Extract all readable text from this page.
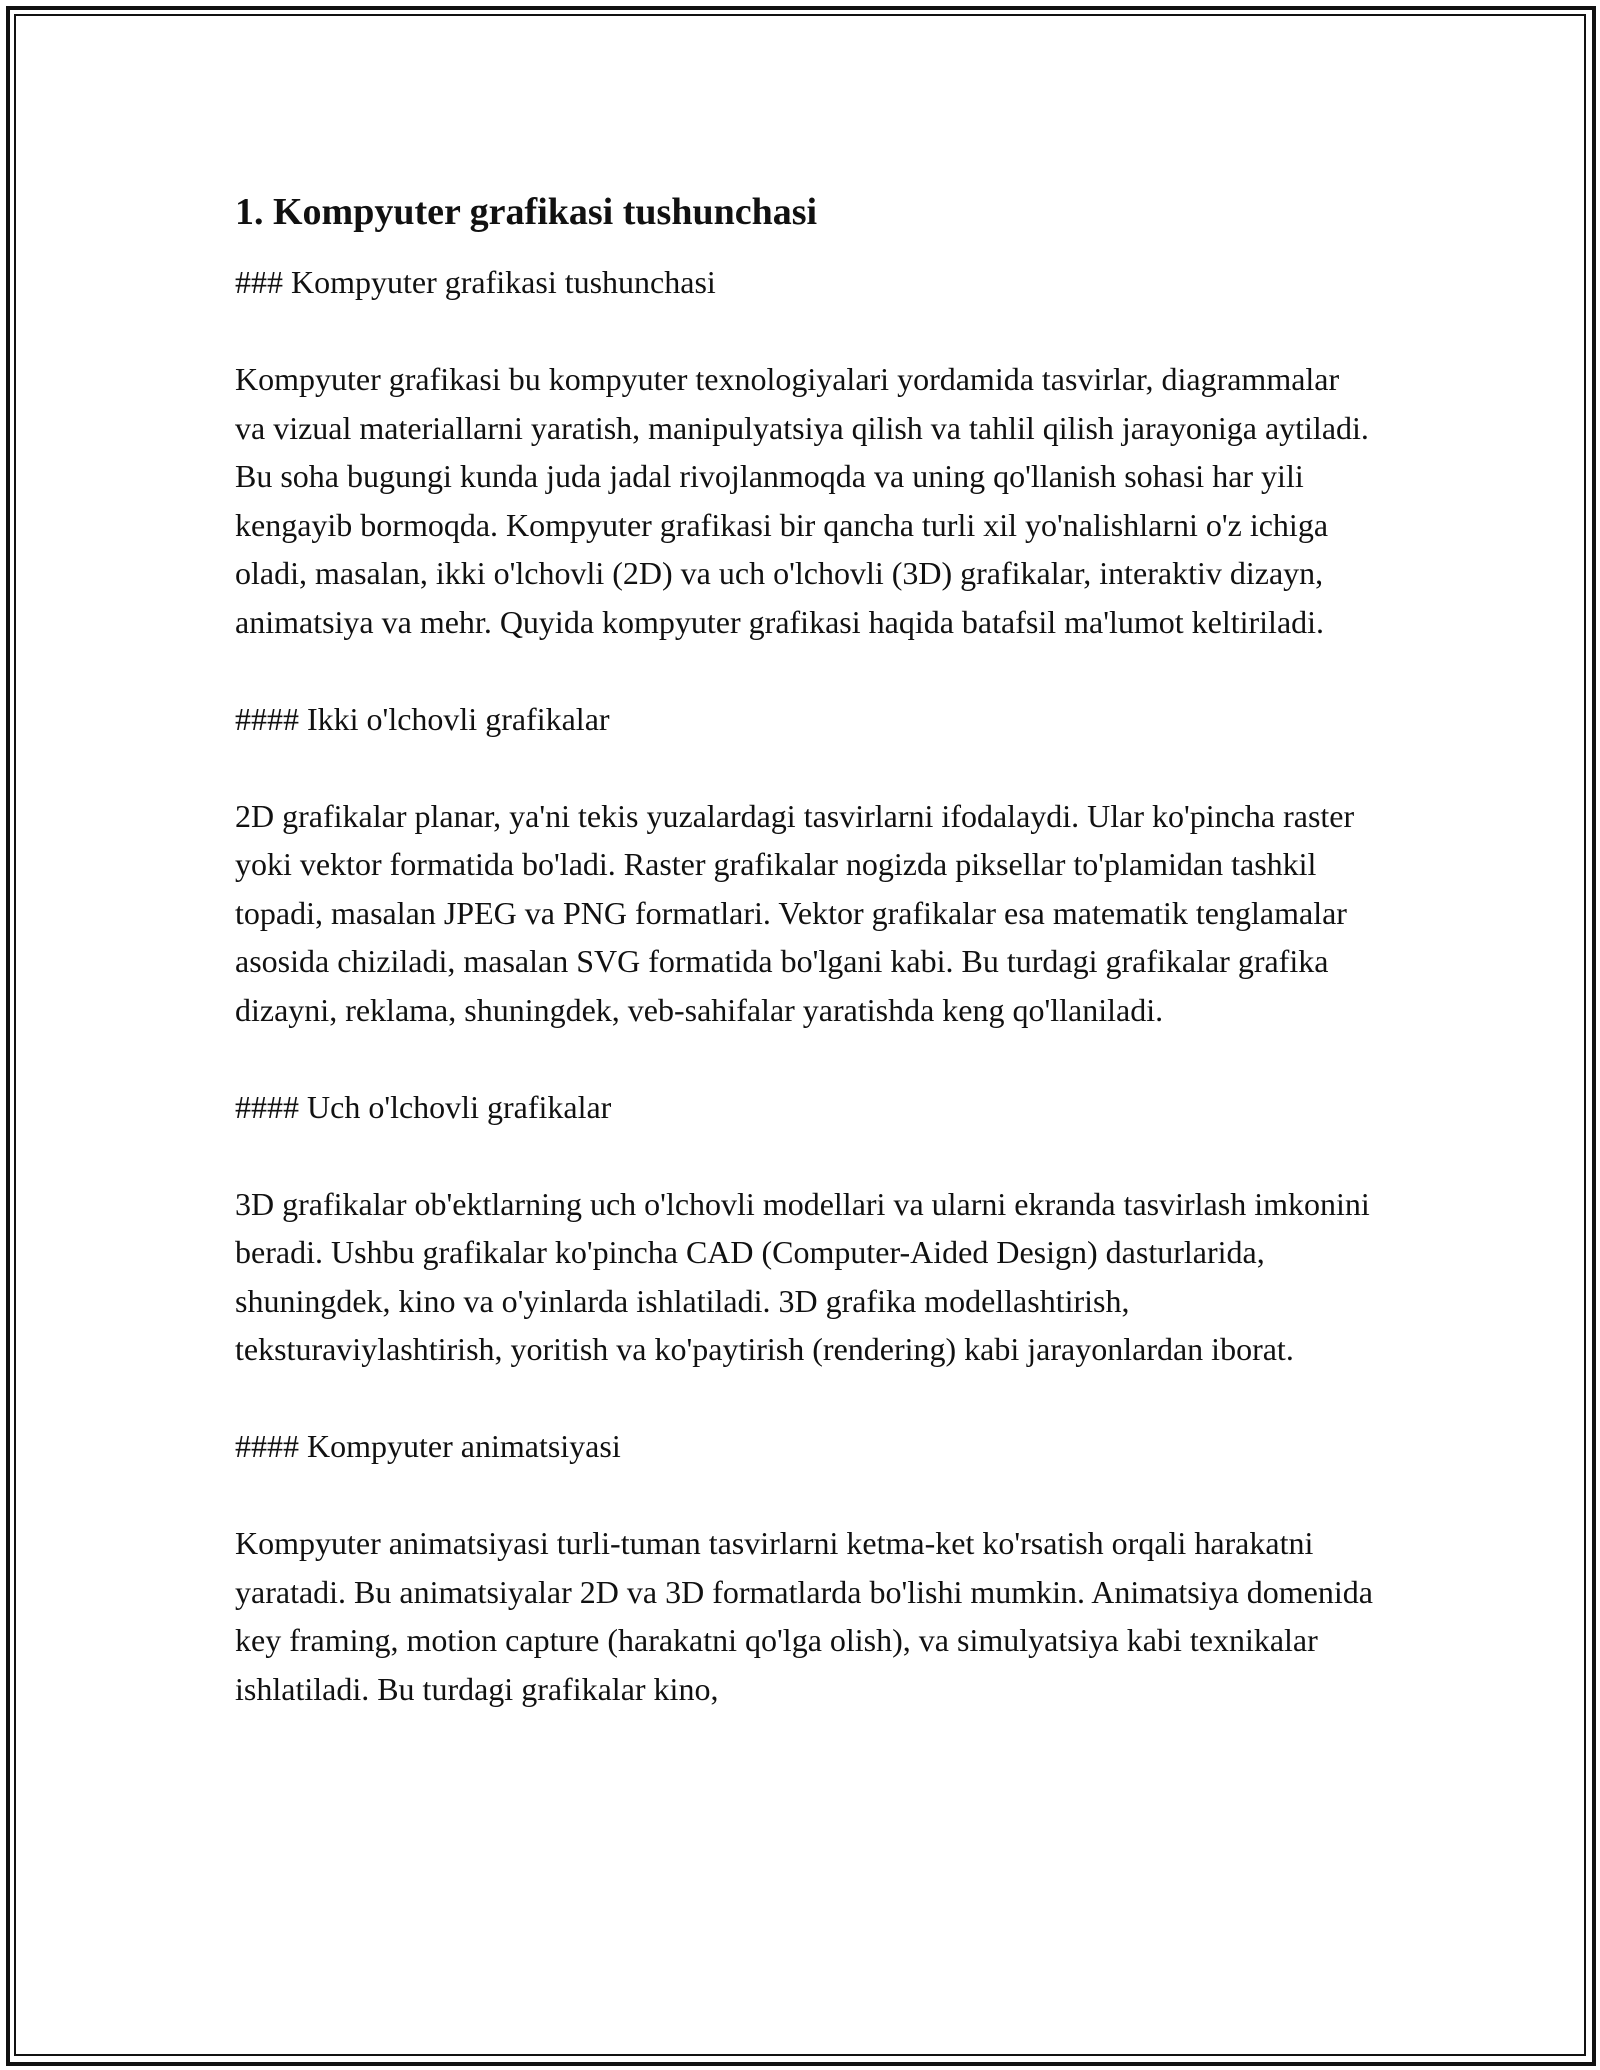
1. Kompyuter grafikasi tushunchasi
### Kompyuter grafikasi tushunchasi
Kompyuter grafikasi bu kompyuter texnologiyalari yordamida tasvirlar, diagrammalar va vizual materiallarni yaratish, manipulyatsiya qilish va tahlil qilish jarayoniga aytiladi. Bu soha bugungi kunda juda jadal rivojlanmoqda va uning qo'llanish sohasi har yili kengayib bormoqda. Kompyuter grafikasi bir qancha turli xil yo'nalishlarni o'z ichiga oladi, masalan, ikki o'lchovli (2D) va uch o'lchovli (3D) grafikalar, interaktiv dizayn, animatsiya va mehr. Quyida kompyuter grafikasi haqida batafsil ma'lumot keltiriladi.
#### Ikki o'lchovli grafikalar
2D grafikalar planar, ya'ni tekis yuzalardagi tasvirlarni ifodalaydi. Ular ko'pincha raster yoki vektor formatida bo'ladi. Raster grafikalar nogizda piksellar to'plamidan tashkil topadi, masalan JPEG va PNG formatlari. Vektor grafikalar esa matematik tenglamalar asosida chiziladi, masalan SVG formatida bo'lgani kabi. Bu turdagi grafikalar grafika dizayni, reklama, shuningdek, veb-sahifalar yaratishda keng qo'llaniladi.
#### Uch o'lchovli grafikalar
3D grafikalar ob'ektlarning uch o'lchovli modellari va ularni ekranda tasvirlash imkonini beradi. Ushbu grafikalar ko'pincha CAD (Computer-Aided Design) dasturlarida, shuningdek, kino va o'yinlarda ishlatiladi. 3D grafika modellashtirish, teksturaviylashtirish, yoritish va ko'paytirish (rendering) kabi jarayonlardan iborat.
#### Kompyuter animatsiyasi
Kompyuter animatsiyasi turli-tuman tasvirlarni ketma-ket ko'rsatish orqali harakatni yaratadi. Bu animatsiyalar 2D va 3D formatlarda bo'lishi mumkin. Animatsiya domenida key framing, motion capture (harakatni qo'lga olish), va simulyatsiya kabi texnikalar ishlatiladi. Bu turdagi grafikalar kino,
